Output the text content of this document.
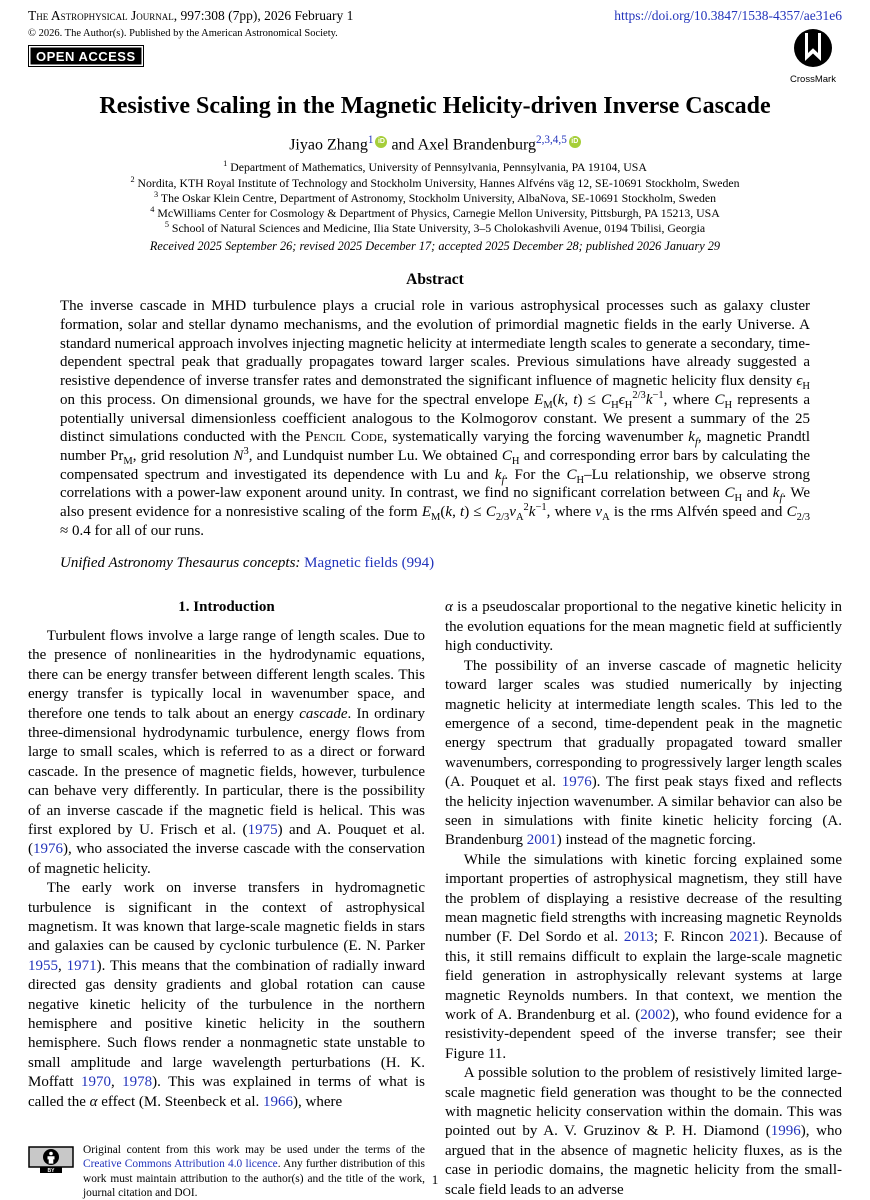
The Astrophysical Journal, 997:308 (7pp), 2026 February 1
© 2026. The Author(s). Published by the American Astronomical Society.
OPEN ACCESS
https://doi.org/10.3847/1538-4357/ae31e6
CrossMark
Resistive Scaling in the Magnetic Helicity-driven Inverse Cascade
Jiyao Zhang$^1$ iD and Axel Brandenburg$^{2,3,4,5}$ iD
$^1$ Department of Mathematics, University of Pennsylvania, Pennsylvania, PA 19104, USA
$^2$ Nordita, KTH Royal Institute of Technology and Stockholm University, Hannes Alfvéns väg 12, SE-10691 Stockholm, Sweden
$^3$ The Oskar Klein Centre, Department of Astronomy, Stockholm University, AlbaNova, SE-10691 Stockholm, Sweden
$^4$ McWilliams Center for Cosmology & Department of Physics, Carnegie Mellon University, Pittsburgh, PA 15213, USA
$^5$ School of Natural Sciences and Medicine, Ilia State University, 3–5 Cholokashvili Avenue, 0194 Tbilisi, Georgia
Received 2025 September 26; revised 2025 December 17; accepted 2025 December 28; published 2026 January 29
Abstract
The inverse cascade in MHD turbulence plays a crucial role in various astrophysical processes such as galaxy cluster formation, solar and stellar dynamo mechanisms, and the evolution of primordial magnetic fields in the early Universe. A standard numerical approach involves injecting magnetic helicity at intermediate length scales to generate a secondary, time-dependent spectral peak that gradually propagates toward larger scales. Previous simulations have already suggested a resistive dependence of inverse transfer rates and demonstrated the significant influence of magnetic helicity flux density $\epsilon_H$ on this process. On dimensional grounds, we have for the spectral envelope $E_M(k$, $t) \le C_H\epsilon_H^{2/3}k^{-1}$, where $C_H$ represents a potentially universal dimensionless coefficient analogous to the Kolmogorov constant. We present a summary of the 25 distinct simulations conducted with the Pencil Code, systematically varying the forcing wavenumber $k_f$, magnetic Prandtl number $Pr_M$, grid resolution $N^3$, and Lundquist number Lu. We obtained $C_H$ and corresponding error bars by calculating the compensated spectrum and investigated its dependence with Lu and $k_f$. For the $C_H-Lu$ relationship, we observe strong correlations with a power-law exponent around unity. In contrast, we find no significant correlation between $C_H$ and $k_f$. We also present evidence for a nonresistive scaling of the form $E_M(k$, $t) \le C_{2/3}v_A^2k^{-1}$, where $v_A$ is the rms Alfvén speed and $C_{2/3} \approx 0.4$ for all of our runs.
Unified Astronomy Thesaurus concepts: Magnetic fields (994)
1. Introduction

Turbulent flows involve a large range of length scales. Due to the presence of nonlinearities in the hydrodynamic equations, there can be energy transfer between different length scales. This energy transfer is typically local in wavenumber space, and therefore one tends to talk about an energy cascade. In ordinary three-dimensional hydrodynamic turbulence, energy flows from large to small scales, which is referred to as a direct or forward cascade. In the presence of magnetic fields, however, turbulence can behave very differently. In particular, there is the possibility of an inverse cascade if the magnetic field is helical. This was first explored by U. Frisch et al. (1975) and A. Pouquet et al. (1976), who associated the inverse cascade with the conservation of magnetic helicity.

The early work on inverse transfers in hydromagnetic turbulence is significant in the context of astrophysical magnetism. It was known that large-scale magnetic fields in stars and galaxies can be caused by cyclonic turbulence (E. N. Parker 1955, 1971). This means that the combination of radially inward directed gas density gradients and global rotation can cause negative kinetic helicity of the turbulence in the northern hemisphere and positive kinetic helicity in the southern hemisphere. Such flows render a nonmagnetic state unstable to small amplitude and large wavelength perturbations (H. K. Moffatt 1970, 1978). This was explained in terms of what is called the α effect (M. Steenbeck et al. 1966), where

BY
Original content from this work may be used under the terms of the Creative Commons Attribution 4.0 licence. Any further distribution of this work must maintain attribution to the author(s) and the title of the work, journal citation and DOI.

α is a pseudoscalar proportional to the negative kinetic helicity in the evolution equations for the mean magnetic field at sufficiently high conductivity.

The possibility of an inverse cascade of magnetic helicity toward larger scales was studied numerically by injecting magnetic helicity at intermediate length scales. This led to the emergence of a second, time-dependent peak in the magnetic energy spectrum that gradually propagated toward smaller wavenumbers, corresponding to progressively larger length scales (A. Pouquet et al. 1976). The first peak stays fixed and reflects the helicity injection wavenumber. A similar behavior can also be seen in simulations with finite kinetic helicity forcing (A. Brandenburg 2001) instead of the magnetic forcing.

While the simulations with kinetic forcing explained some important properties of astrophysical magnetism, they still have the problem of displaying a resistive decrease of the resulting mean magnetic field strengths with increasing magnetic Reynolds number (F. Del Sordo et al. 2013; F. Rincon 2021). Because of this, it still remains difficult to explain the large-scale magnetic field generation in astrophysically relevant systems at large magnetic Reynolds numbers. In that context, we mention the work of A. Brandenburg et al. (2002), who found evidence for a resistivity-dependent speed of the inverse transfer; see their Figure 11.

A possible solution to the problem of resistively limited large-scale magnetic field generation was thought to be the connected with magnetic helicity conservation within the domain. This was pointed out by A. V. Gruzinov & P. H. Diamond (1996), who argued that in the absence of magnetic helicity fluxes, as is the case in periodic domains, the magnetic helicity from the small-scale field leads to an adverse

1
